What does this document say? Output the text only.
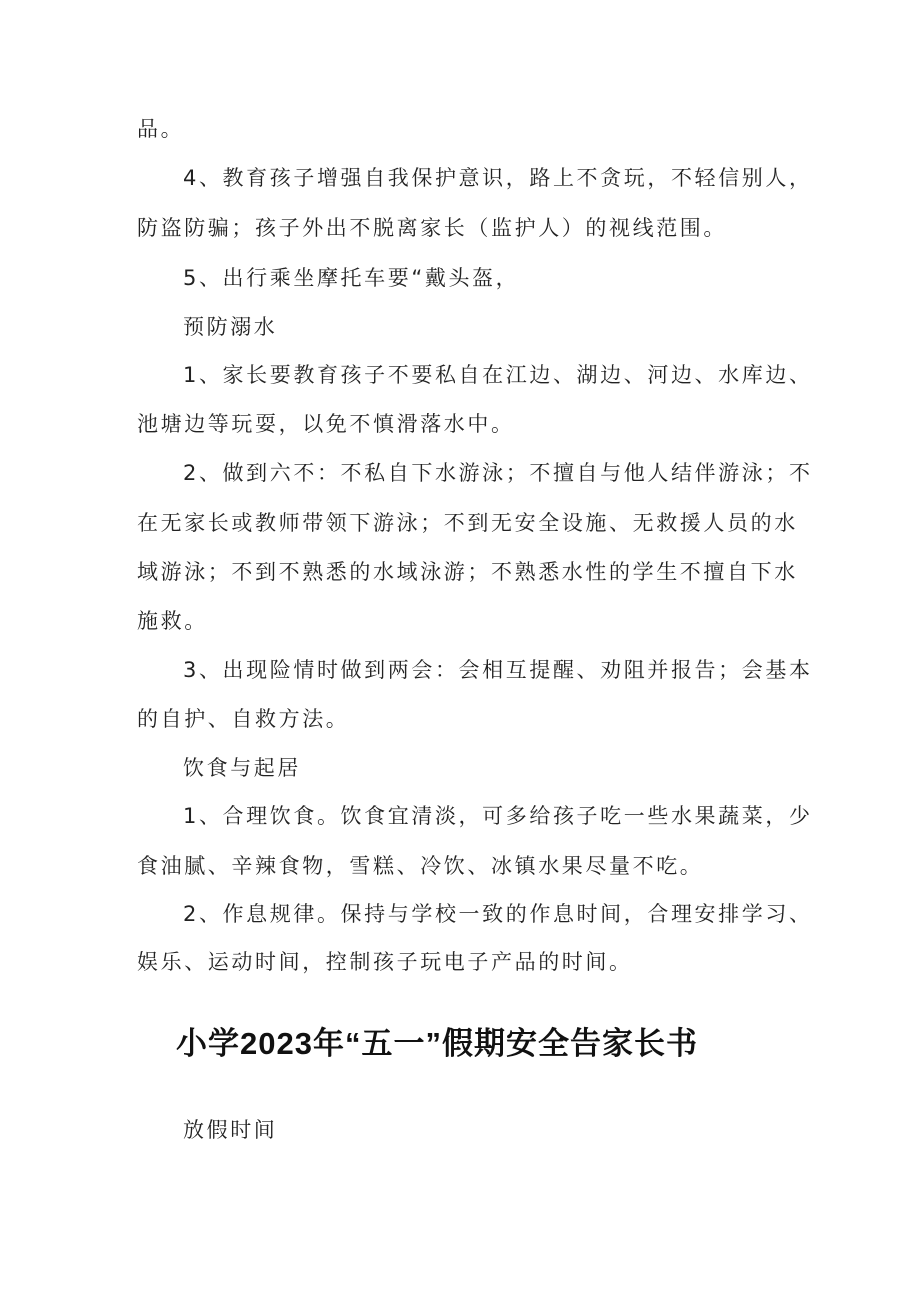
品。

4、教育孩子增强自我保护意识，路上不贪玩，不轻信别人，

防盗防骗；孩子外出不脱离家长（监护人）的视线范围。

5、出行乘坐摩托车要“戴头盔，

预防溺水

1、家长要教育孩子不要私自在江边、湖边、河边、水库边、

池塘边等玩耍，以免不慎滑落水中。

2、做到六不：不私自下水游泳；不擅自与他人结伴游泳；不

在无家长或教师带领下游泳；不到无安全设施、无救援人员的水

域游泳；不到不熟悉的水域泳游；不熟悉水性的学生不擅自下水

施救。

3、出现险情时做到两会：会相互提醒、劝阻并报告；会基本

的自护、自救方法。

饮食与起居

1、合理饮食。饮食宜清淡，可多给孩子吃一些水果蔬菜，少

食油腻、辛辣食物，雪糕、冷饮、冰镇水果尽量不吃。

2、作息规律。保持与学校一致的作息时间，合理安排学习、

娱乐、运动时间，控制孩子玩电子产品的时间。

小学2023年“五一”假期安全告家长书

放假时间
